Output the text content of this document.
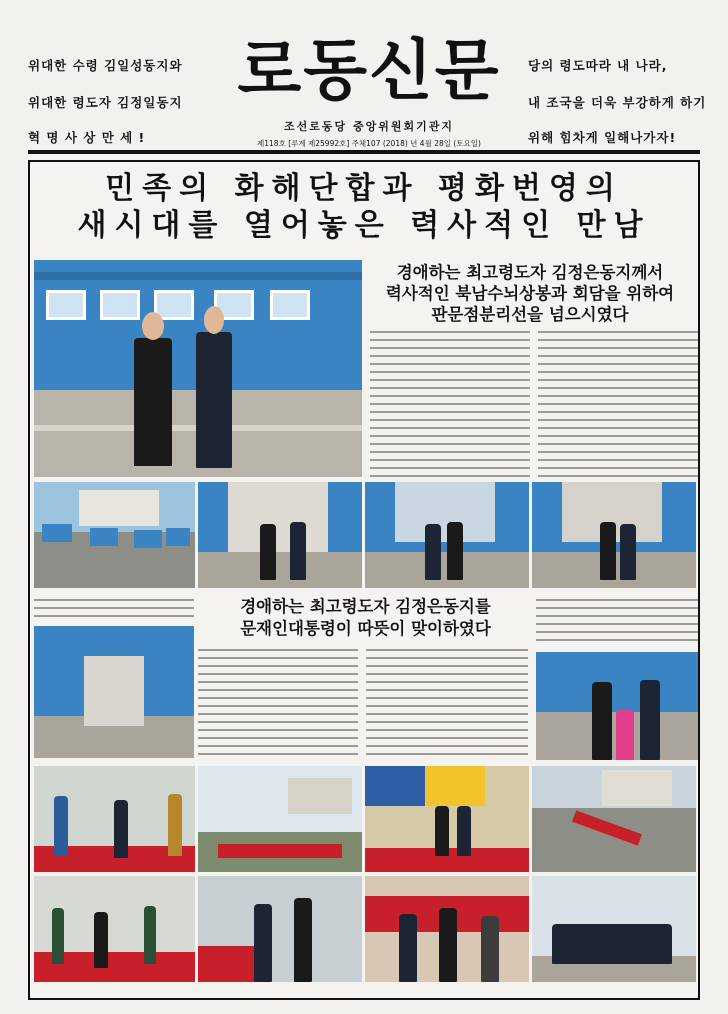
위대한 수령 김일성동지와
위대한 령도자 김정일동지
혁 명 사 상 만 세 !
로동신문
조선로동당 중앙위원회기관지
제118호 [루계 제25992호] 주체107 (2018) 년 4월 28일 (토요일)
당의 령도따라 내 나라,
내 조국을 더욱 부강하게 하기
위해 힘차게 일해나가자!
민족의 화해단합과 평화번영의
새시대를 열어놓은 력사적인 만남
경애하는 최고령도자 김정은동지께서
력사적인 북남수뇌상봉과 회담을 위하여
판문점분리선을 넘으시였다
경애하는 최고령도자 김정은동지를
문재인대통령이 따뜻이 맞이하였다
